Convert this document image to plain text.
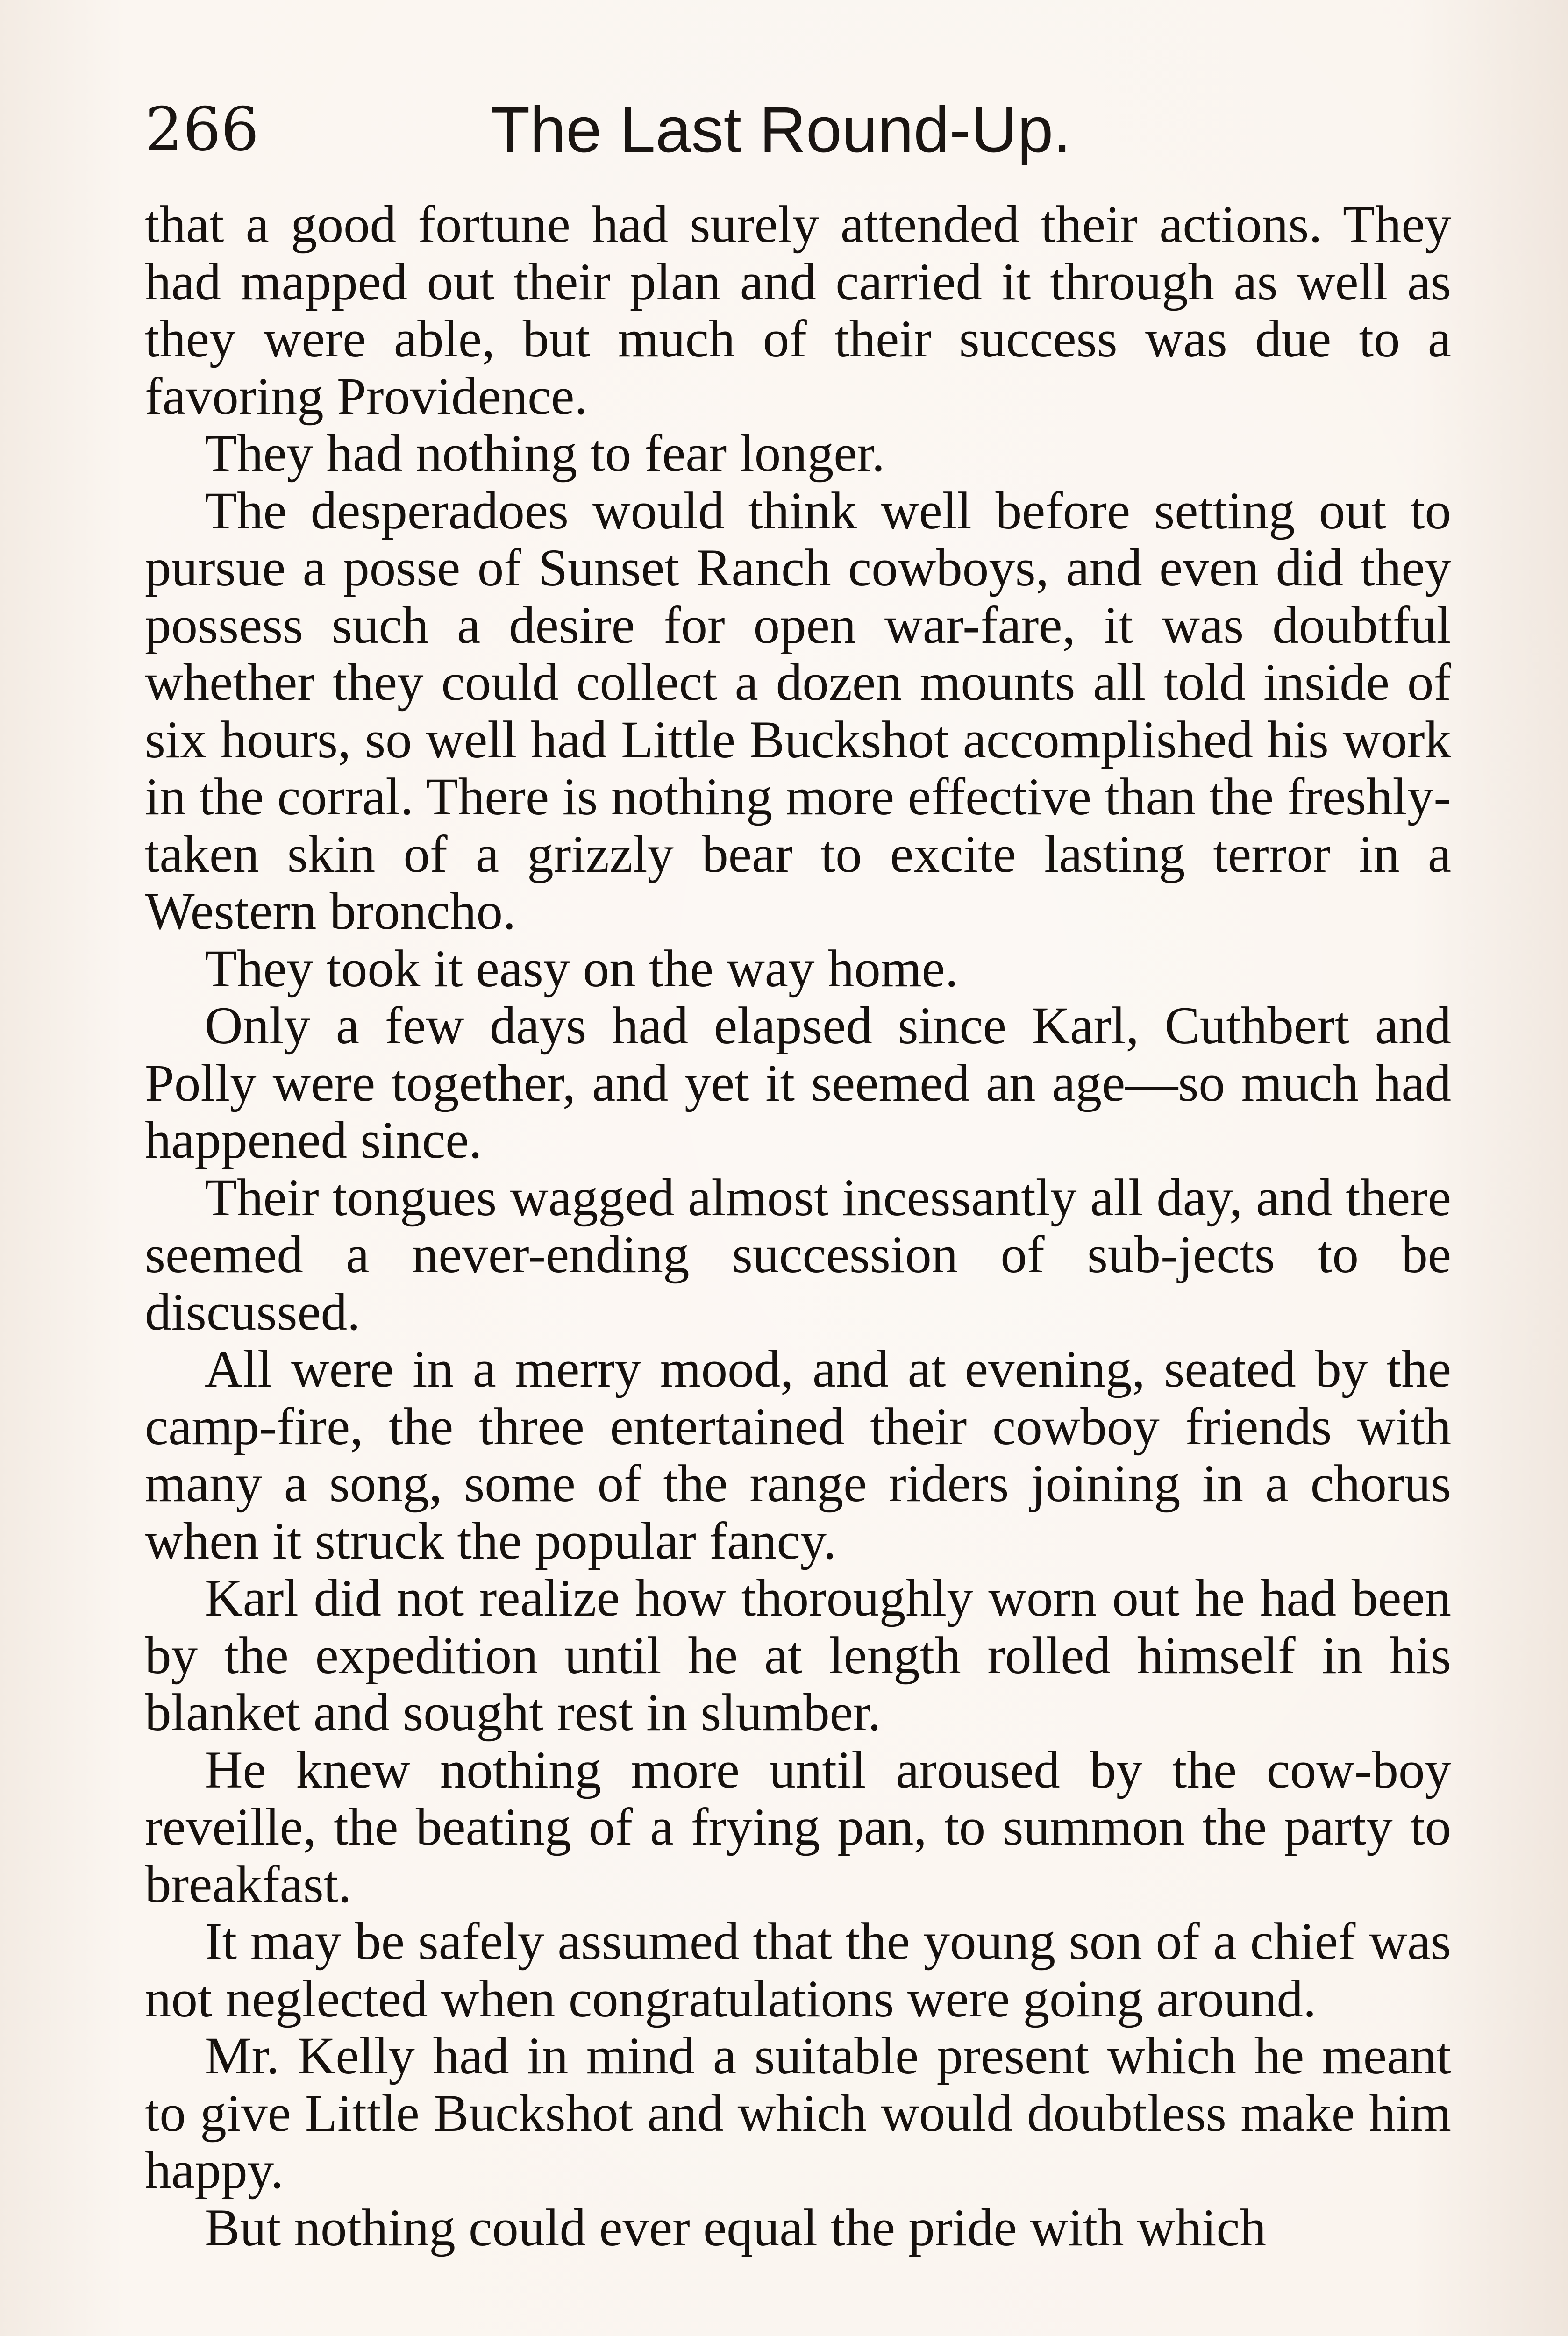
266	The Last Round-Up.

that a good fortune had surely attended their actions. They had mapped out their plan and carried it through as well as they were able, but much of their success was due to a favoring Providence.

They had nothing to fear longer.

The desperadoes would think well before setting out to pursue a posse of Sunset Ranch cowboys, and even did they possess such a desire for open war-fare, it was doubtful whether they could collect a dozen mounts all told inside of six hours, so well had Little Buckshot accomplished his work in the corral. There is nothing more effective than the freshly-taken skin of a grizzly bear to excite lasting terror in a Western broncho.

They took it easy on the way home.

Only a few days had elapsed since Karl, Cuthbert and Polly were together, and yet it seemed an age—so much had happened since.

Their tongues wagged almost incessantly all day, and there seemed a never-ending succession of sub-jects to be discussed.

All were in a merry mood, and at evening, seated by the camp-fire, the three entertained their cowboy friends with many a song, some of the range riders joining in a chorus when it struck the popular fancy.

Karl did not realize how thoroughly worn out he had been by the expedition until he at length rolled himself in his blanket and sought rest in slumber.

He knew nothing more until aroused by the cow-boy reveille, the beating of a frying pan, to summon the party to breakfast.

It may be safely assumed that the young son of a chief was not neglected when congratulations were going around.

Mr. Kelly had in mind a suitable present which he meant to give Little Buckshot and which would doubtless make him happy.

But nothing could ever equal the pride with which
